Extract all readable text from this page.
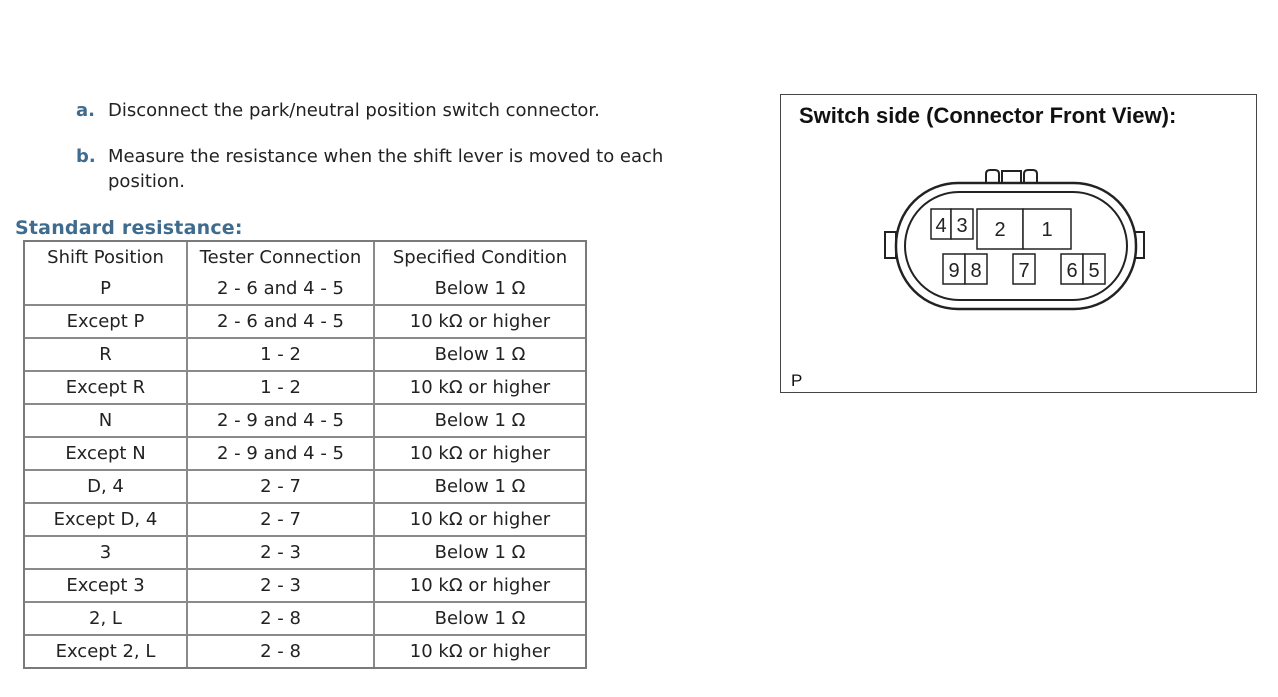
a. Disconnect the park/neutral position switch connector.
b. Measure the resistance when the shift lever is moved to each position.
Standard resistance:
Shift Position	Tester Connection	Specified Condition
P	2 - 6 and 4 - 5	Below 1 Ω
Except P	2 - 6 and 4 - 5	10 kΩ or higher
R	1 - 2	Below 1 Ω
Except R	1 - 2	10 kΩ or higher
N	2 - 9 and 4 - 5	Below 1 Ω
Except N	2 - 9 and 4 - 5	10 kΩ or higher
D, 4	2 - 7	Below 1 Ω
Except D, 4	2 - 7	10 kΩ or higher
3	2 - 3	Below 1 Ω
Except 3	2 - 3	10 kΩ or higher
2, L	2 - 8	Below 1 Ω
Except 2, L	2 - 8	10 kΩ or higher
Switch side (Connector Front View):
4 3 2 1
9 8 7 6 5
P
